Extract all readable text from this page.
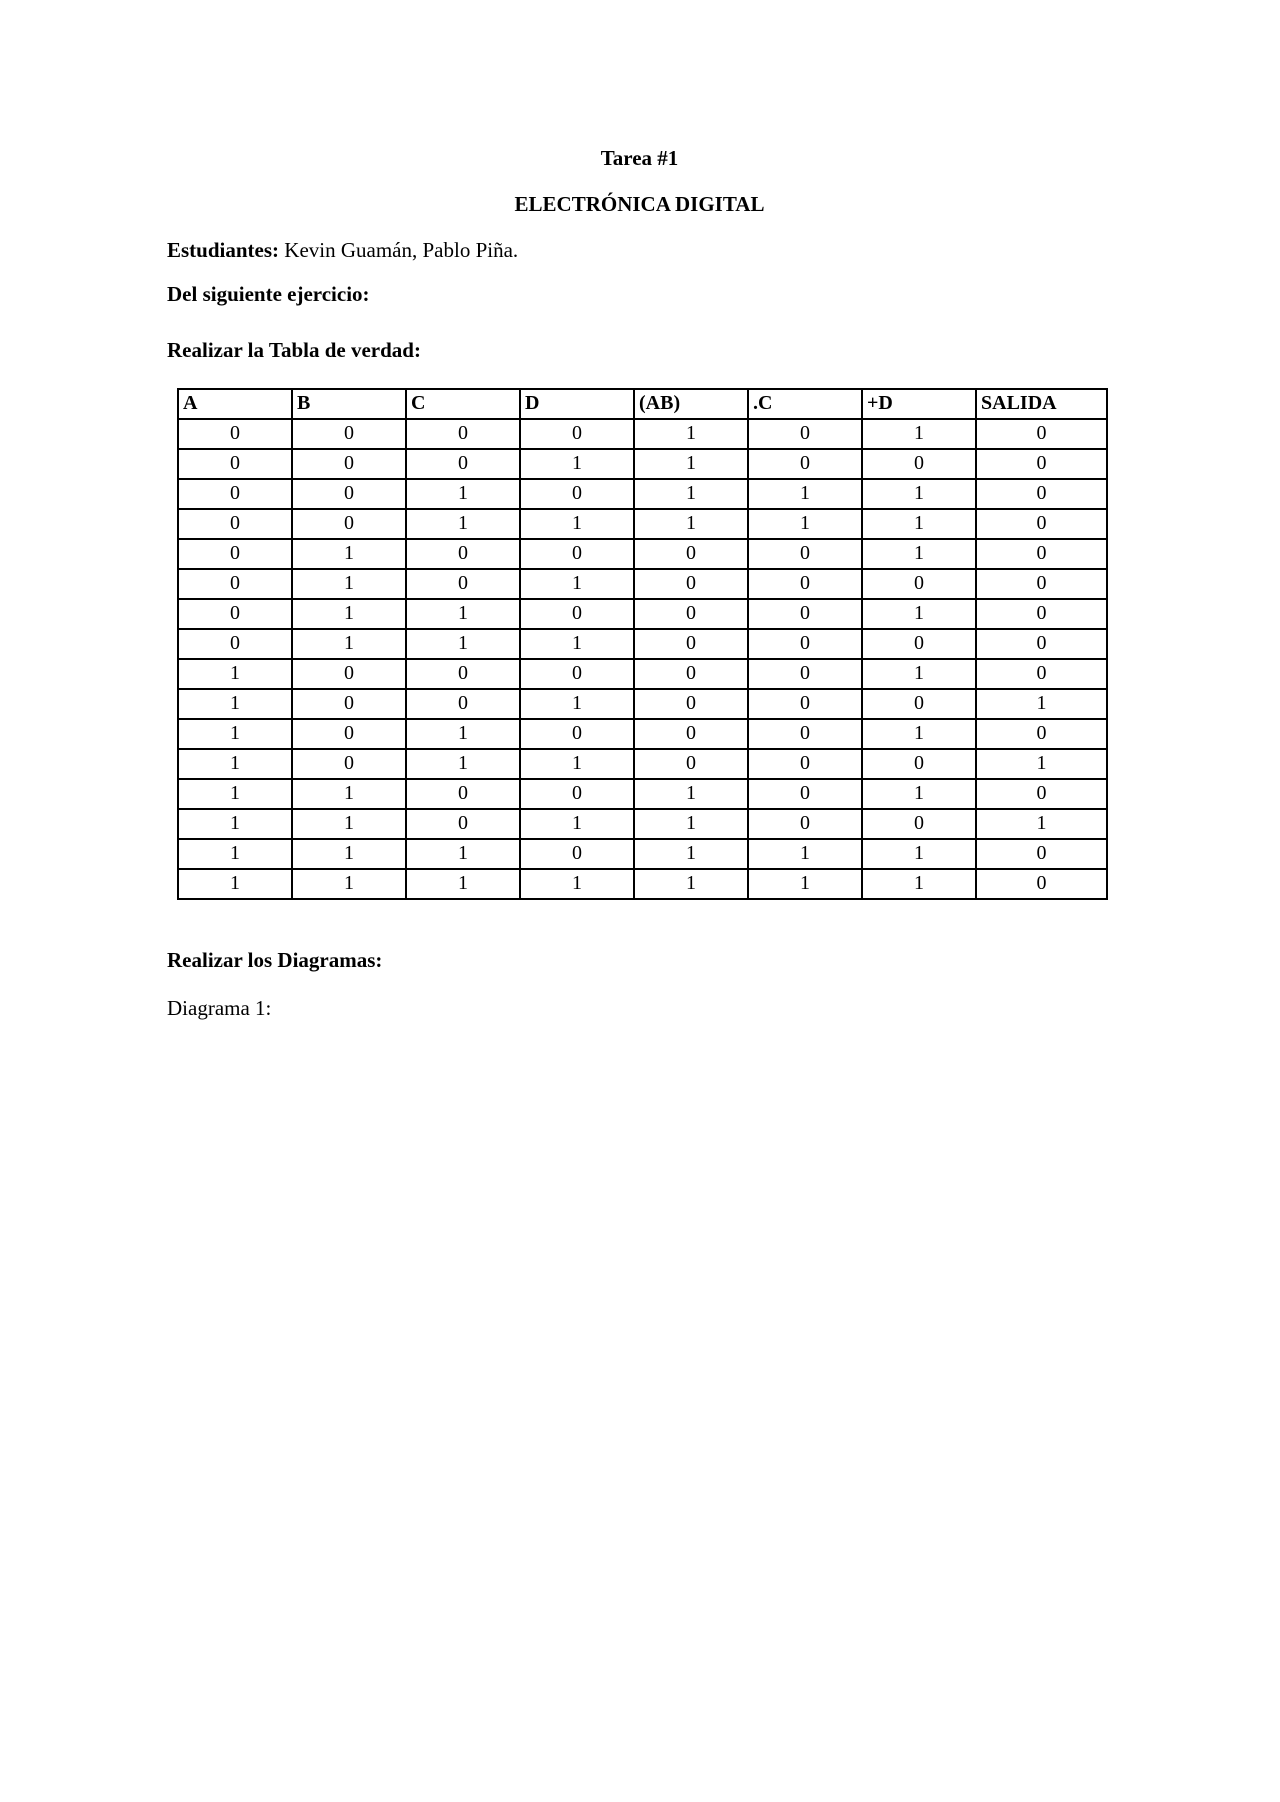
Tarea #1
ELECTRÓNICA DIGITAL

Estudiantes: Kevin Guamán, Pablo Piña.

Del siguiente ejercicio:

Realizar la Tabla de verdad:

A	B	C	D	(AB)	.C	+D	SALIDA
0	0	0	0	1	0	1	0
0	0	0	1	1	0	0	0
0	0	1	0	1	1	1	0
0	0	1	1	1	1	1	0
0	1	0	0	0	0	1	0
0	1	0	1	0	0	0	0
0	1	1	0	0	0	1	0
0	1	1	1	0	0	0	0
1	0	0	0	0	0	1	0
1	0	0	1	0	0	0	1
1	0	1	0	0	0	1	0
1	0	1	1	0	0	0	1
1	1	0	0	1	0	1	0
1	1	0	1	1	0	0	1
1	1	1	0	1	1	1	0
1	1	1	1	1	1	1	0

Realizar los Diagramas:

Diagrama 1:
